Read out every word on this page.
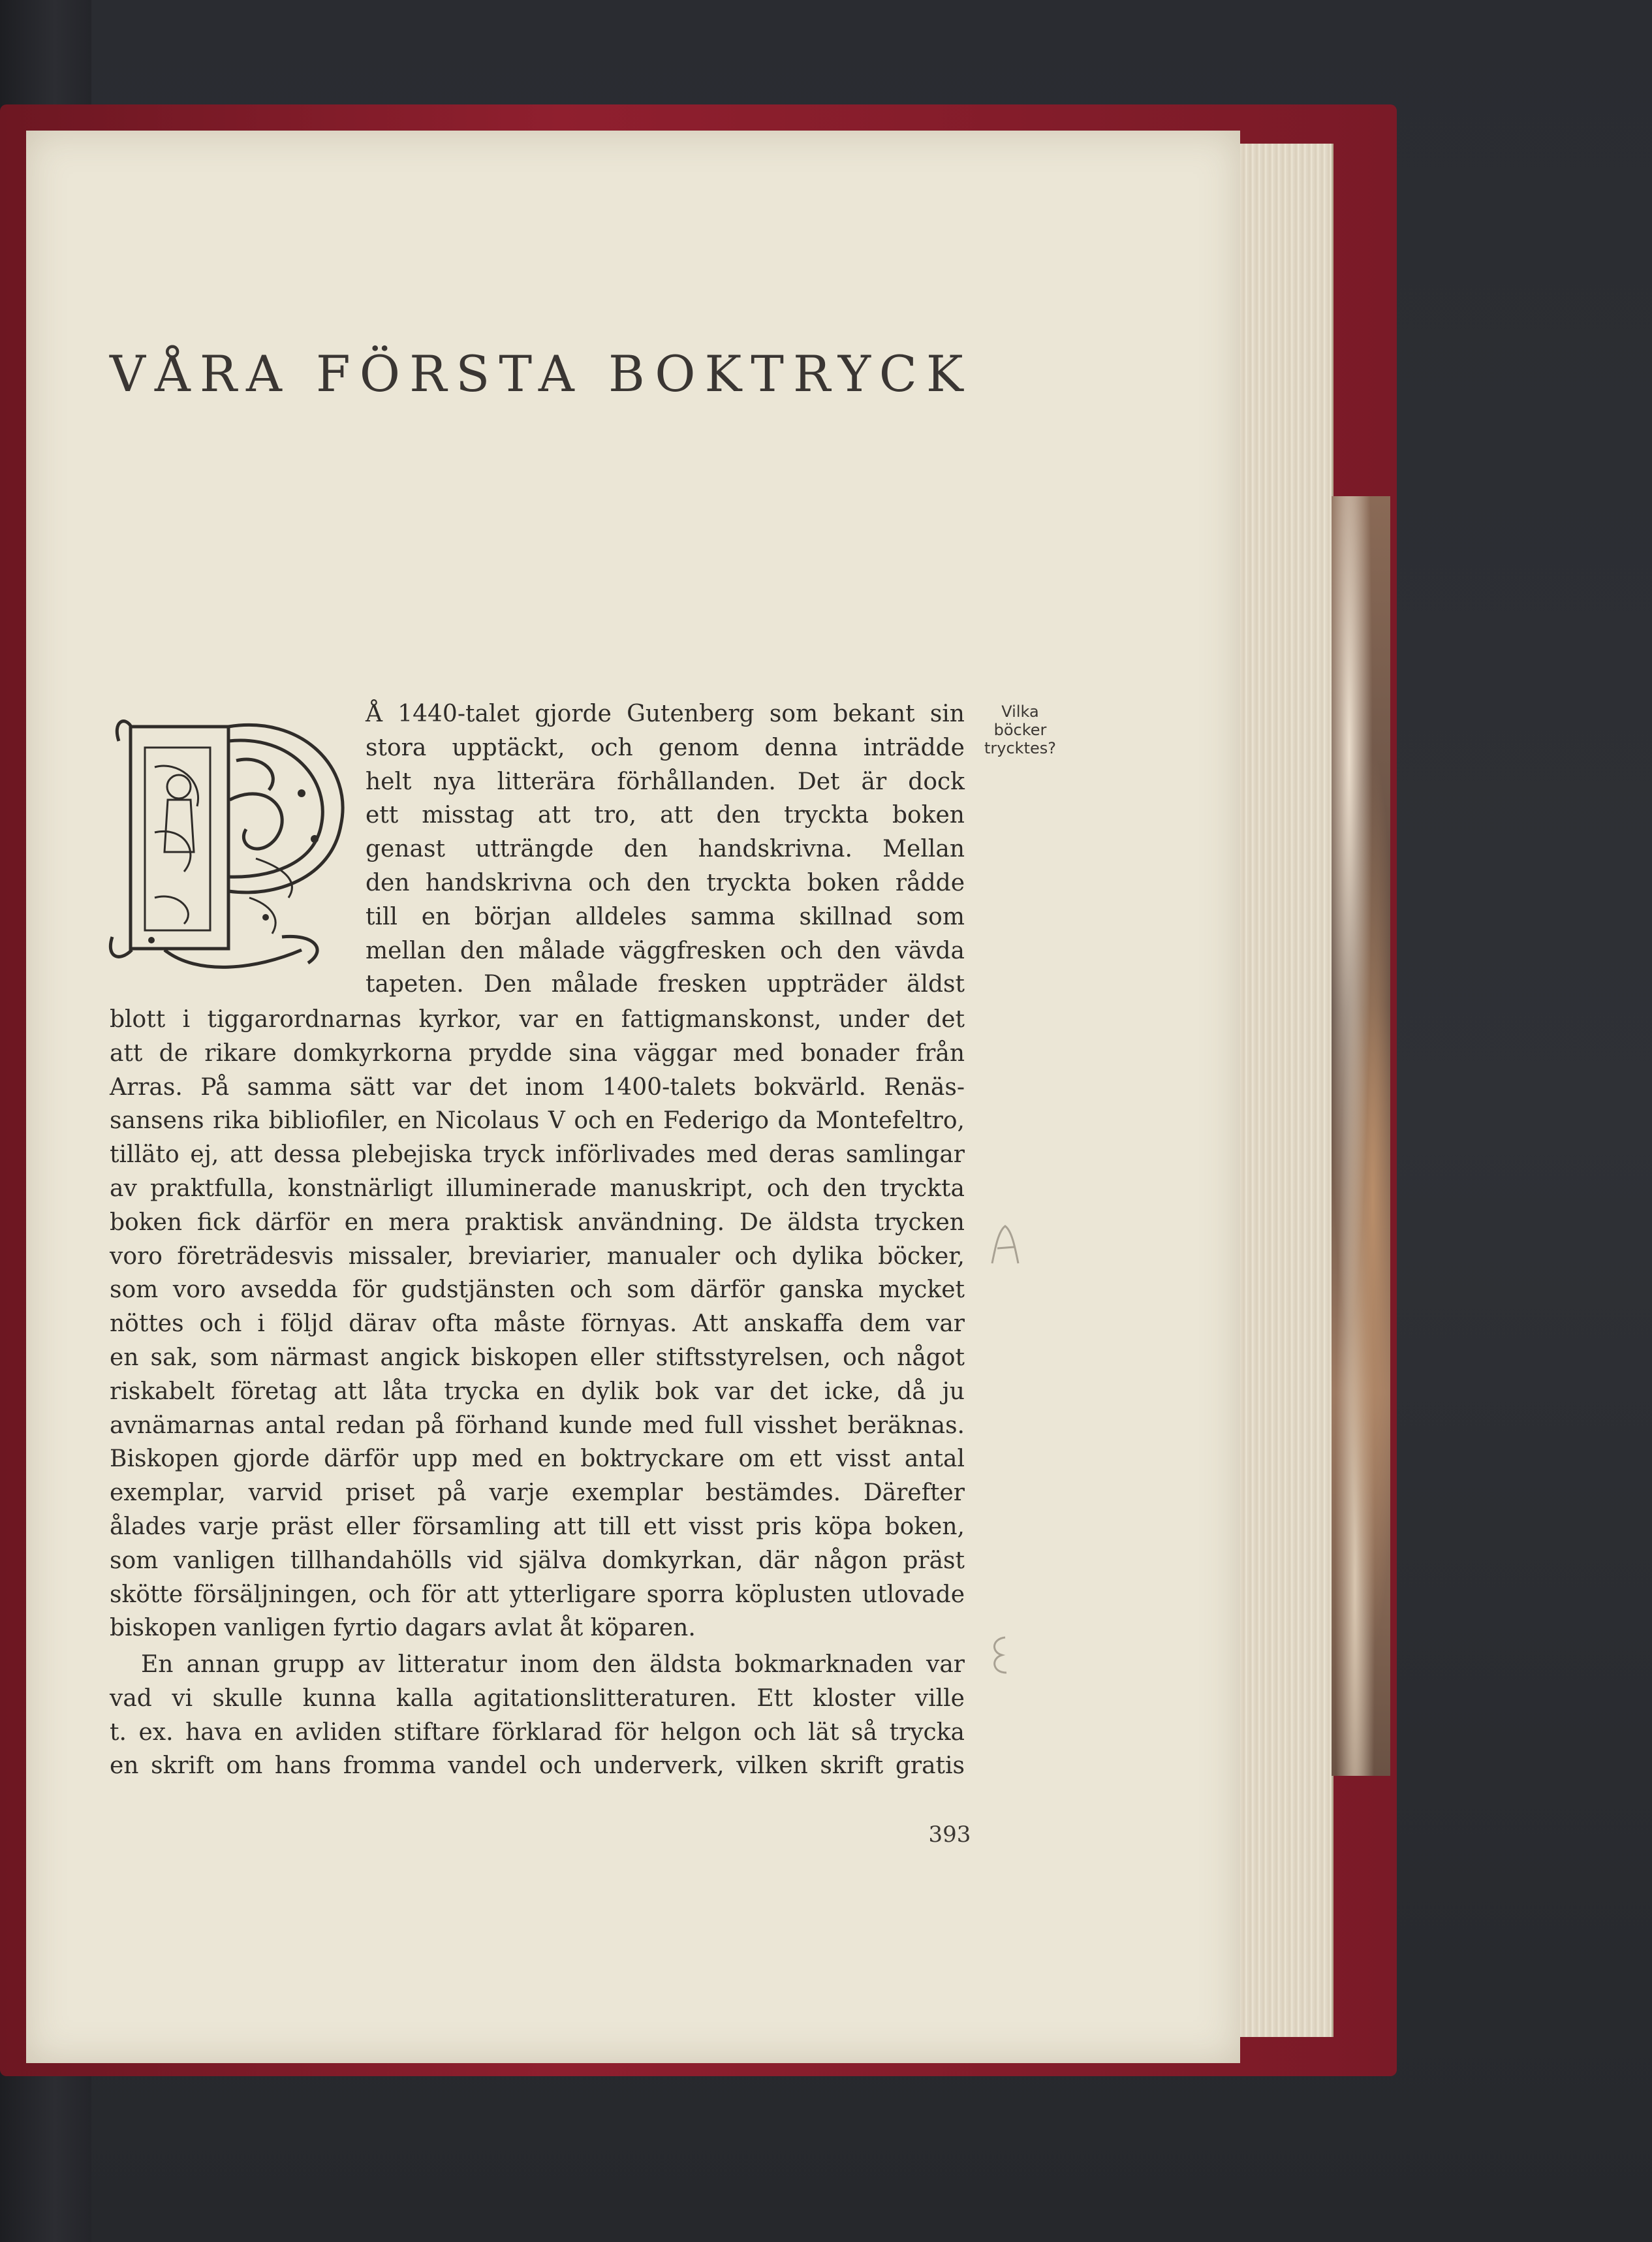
VÅRA FÖRSTA BOKTRYCK
P
Å 1440-talet gjorde Gutenberg som bekant sin
stora upptäckt, och genom denna inträdde
helt nya litterära förhållanden. Det är dock
ett misstag att tro, att den tryckta boken
genast utträngde den handskrivna. Mellan
den handskrivna och den tryckta boken rådde
till en början alldeles samma skillnad som
mellan den målade väggfresken och den vävda
tapeten. Den målade fresken uppträder äldst
blott i tiggarordnarnas kyrkor, var en fattigmanskonst, under det
att de rikare domkyrkorna prydde sina väggar med bonader från
Arras. På samma sätt var det inom 1400-talets bokvärld. Renäs-
sansens rika bibliofiler, en Nicolaus V och en Federigo da Montefeltro,
tilläto ej, att dessa plebejiska tryck införlivades med deras samlingar
av praktfulla, konstnärligt illuminerade manuskript, och den tryckta
boken fick därför en mera praktisk användning. De äldsta trycken
voro företrädesvis missaler, breviarier, manualer och dylika böcker,
som voro avsedda för gudstjänsten och som därför ganska mycket
nöttes och i följd därav ofta måste förnyas. Att anskaffa dem var
en sak, som närmast angick biskopen eller stiftsstyrelsen, och något
riskabelt företag att låta trycka en dylik bok var det icke, då ju
avnämarnas antal redan på förhand kunde med full visshet beräknas.
Biskopen gjorde därför upp med en boktryckare om ett visst antal
exemplar, varvid priset på varje exemplar bestämdes. Därefter
ålades varje präst eller församling att till ett visst pris köpa boken,
som vanligen tillhandahölls vid själva domkyrkan, där någon präst
skötte försäljningen, och för att ytterligare sporra köplusten utlovade
biskopen vanligen fyrtio dagars avlat åt köparen.
En annan grupp av litteratur inom den äldsta bokmarknaden var
vad vi skulle kunna kalla agitationslitteraturen. Ett kloster ville
t. ex. hava en avliden stiftare förklarad för helgon och lät så trycka
en skrift om hans fromma vandel och underverk, vilken skrift gratis
Vilka
böcker
trycktes?
A
B
393
